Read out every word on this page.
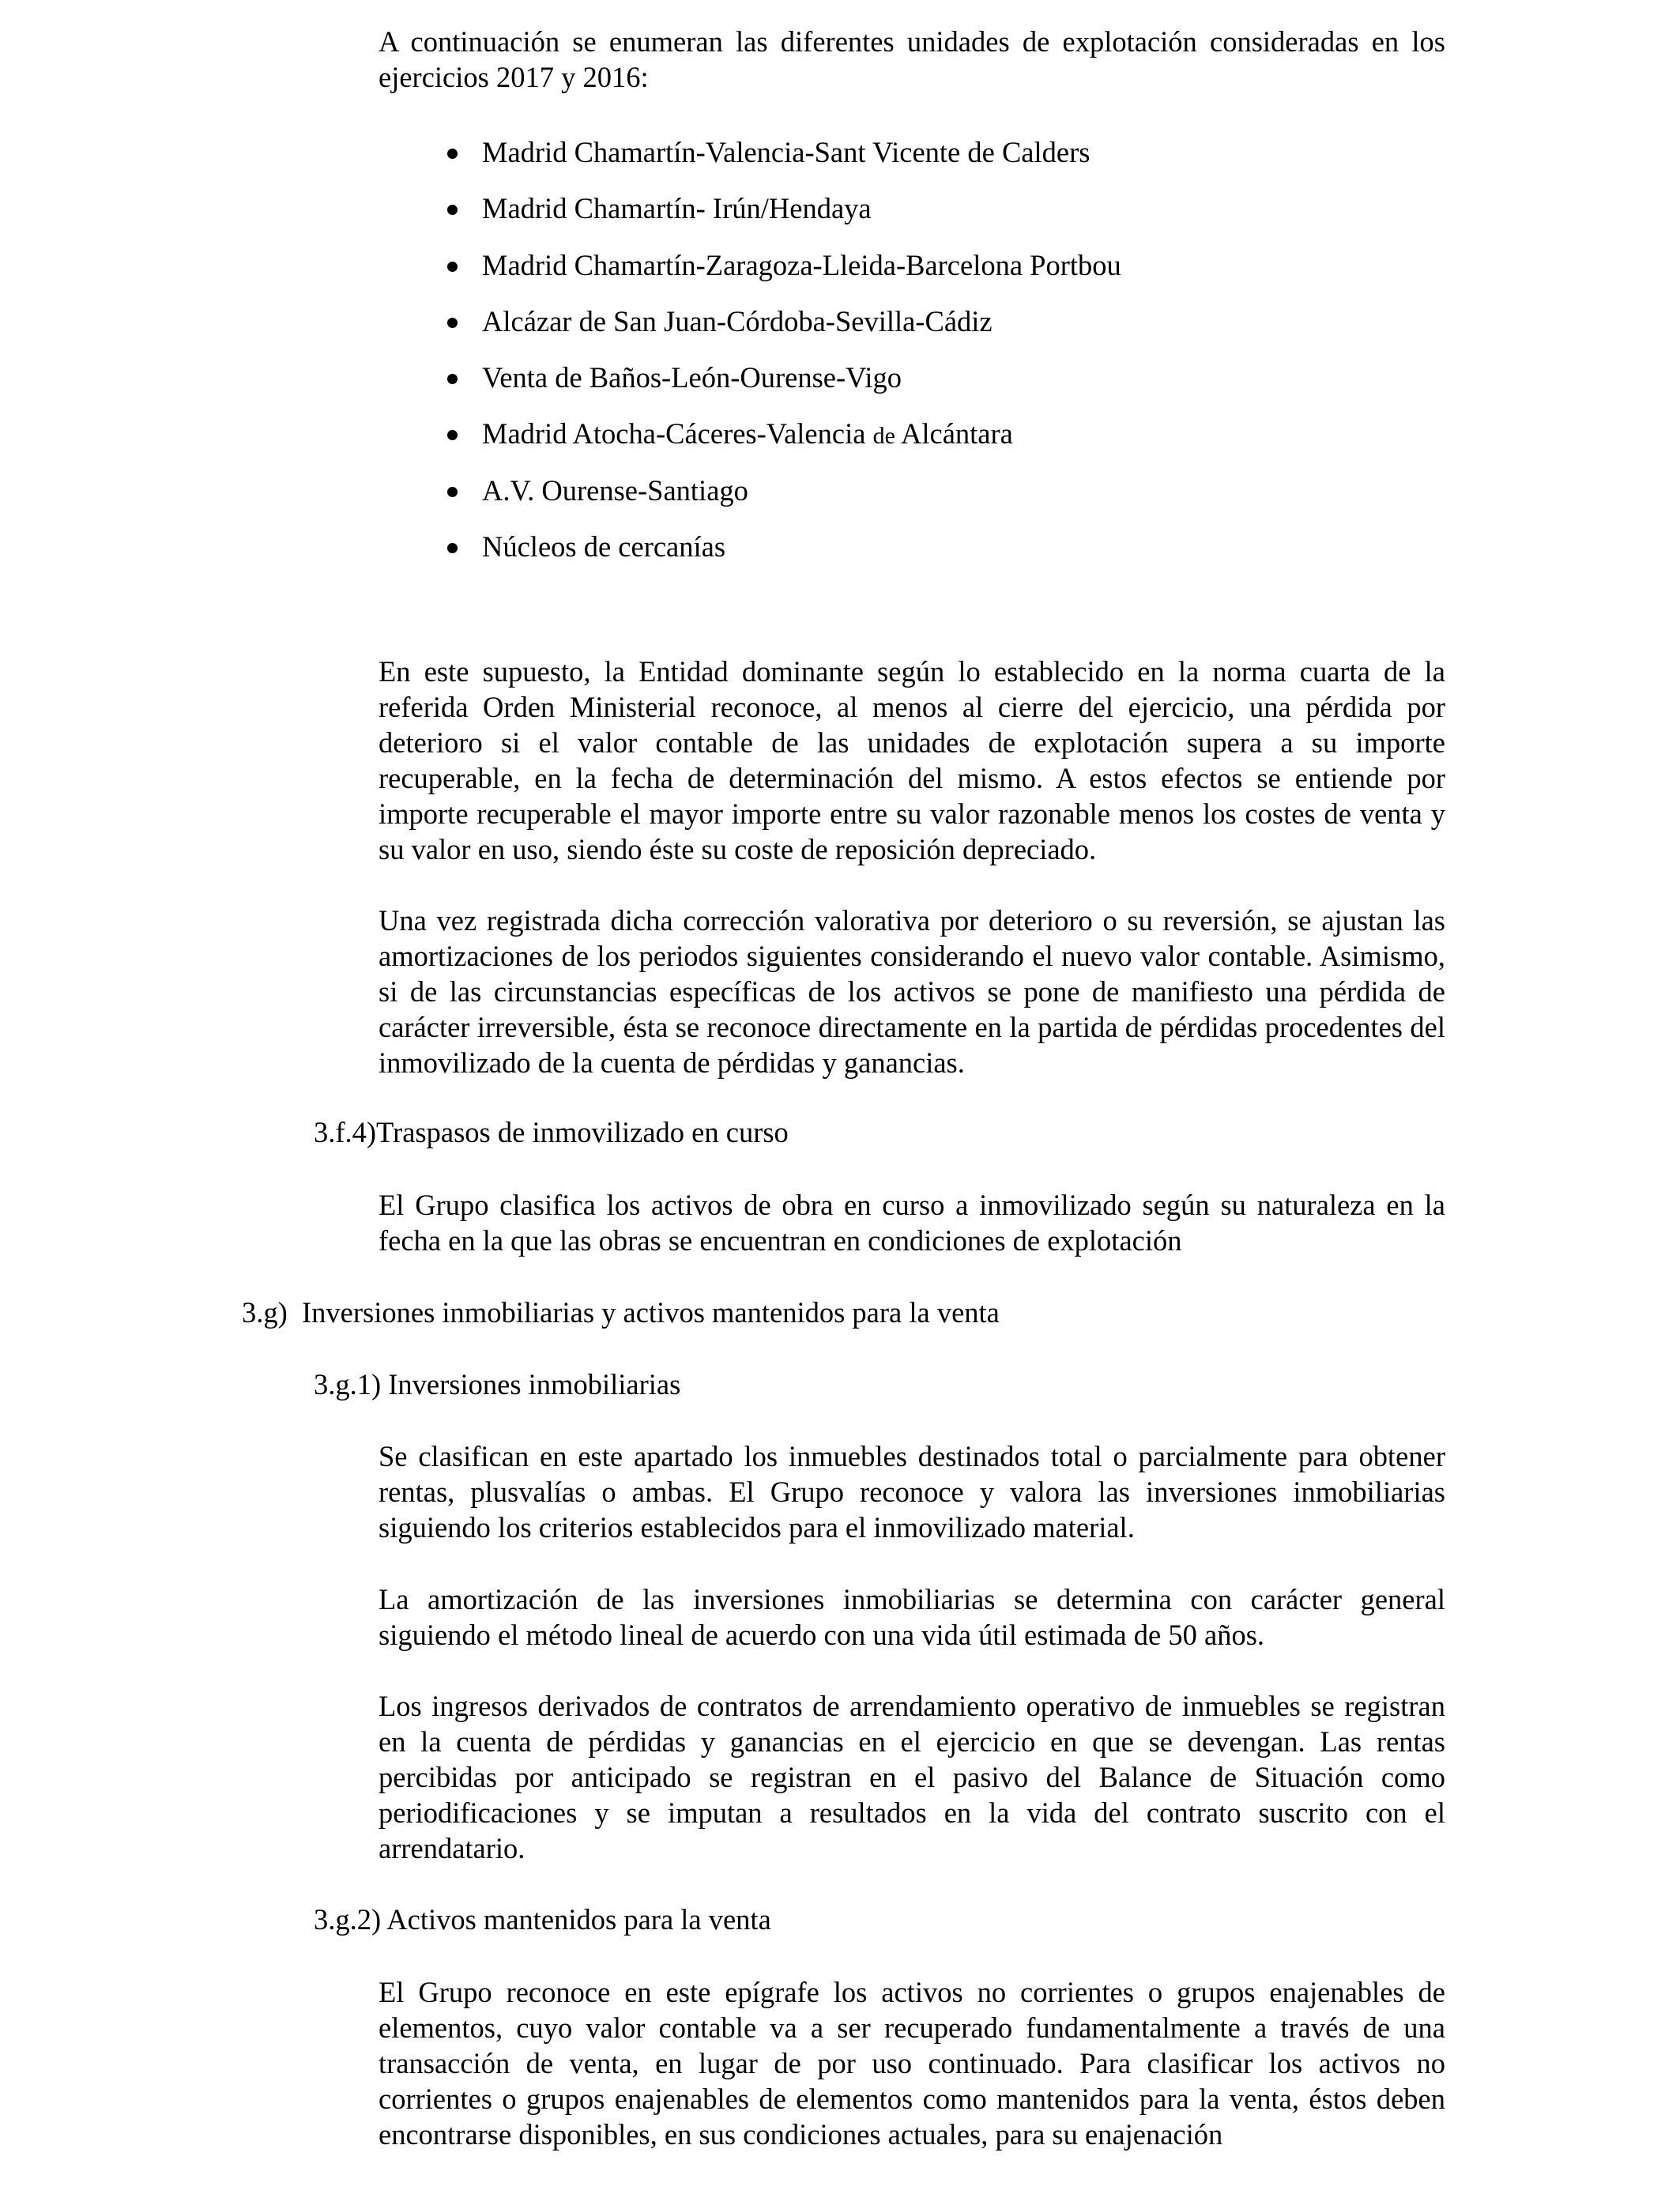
A continuación se enumeran las diferentes unidades de explotación consideradas en los ejercicios 2017 y 2016:

Madrid Chamartín-Valencia-Sant Vicente de Calders
Madrid Chamartín- Irún/Hendaya
Madrid Chamartín-Zaragoza-Lleida-Barcelona Portbou
Alcázar de San Juan-Córdoba-Sevilla-Cádiz
Venta de Baños-León-Ourense-Vigo
Madrid Atocha-Cáceres-Valencia de Alcántara
A.V. Ourense-Santiago
Núcleos de cercanías

En este supuesto, la Entidad dominante según lo establecido en la norma cuarta de la referida Orden Ministerial reconoce, al menos al cierre del ejercicio, una pérdida por deterioro si el valor contable de las unidades de explotación supera a su importe recuperable, en la fecha de determinación del mismo. A estos efectos se entiende por importe recuperable el mayor importe entre su valor razonable menos los costes de venta y su valor en uso, siendo éste su coste de reposición depreciado.

Una vez registrada dicha corrección valorativa por deterioro o su reversión, se ajustan las amortizaciones de los periodos siguientes considerando el nuevo valor contable. Asimismo, si de las circunstancias específicas de los activos se pone de manifiesto una pérdida de carácter irreversible, ésta se reconoce directamente en la partida de pérdidas procedentes del inmovilizado de la cuenta de pérdidas y ganancias.

3.f.4)Traspasos de inmovilizado en curso

El Grupo clasifica los activos de obra en curso a inmovilizado según su naturaleza en la fecha en la que las obras se encuentran en condiciones de explotación

3.g)  Inversiones inmobiliarias y activos mantenidos para la venta

3.g.1) Inversiones inmobiliarias

Se clasifican en este apartado los inmuebles destinados total o parcialmente para obtener rentas, plusvalías o ambas. El Grupo reconoce y valora las inversiones inmobiliarias siguiendo los criterios establecidos para el inmovilizado material.

La amortización de las inversiones inmobiliarias se determina con carácter general siguiendo el método lineal de acuerdo con una vida útil estimada de 50 años.

Los ingresos derivados de contratos de arrendamiento operativo de inmuebles se registran en la cuenta de pérdidas y ganancias en el ejercicio en que se devengan. Las rentas percibidas por anticipado se registran en el pasivo del Balance de Situación como periodificaciones y se imputan a resultados en la vida del contrato suscrito con el arrendatario.

3.g.2) Activos mantenidos para la venta

El Grupo reconoce en este epígrafe los activos no corrientes o grupos enajenables de elementos, cuyo valor contable va a ser recuperado fundamentalmente a través de una transacción de venta, en lugar de por uso continuado. Para clasificar los activos no corrientes o grupos enajenables de elementos como mantenidos para la venta, éstos deben encontrarse disponibles, en sus condiciones actuales, para su enajenación
